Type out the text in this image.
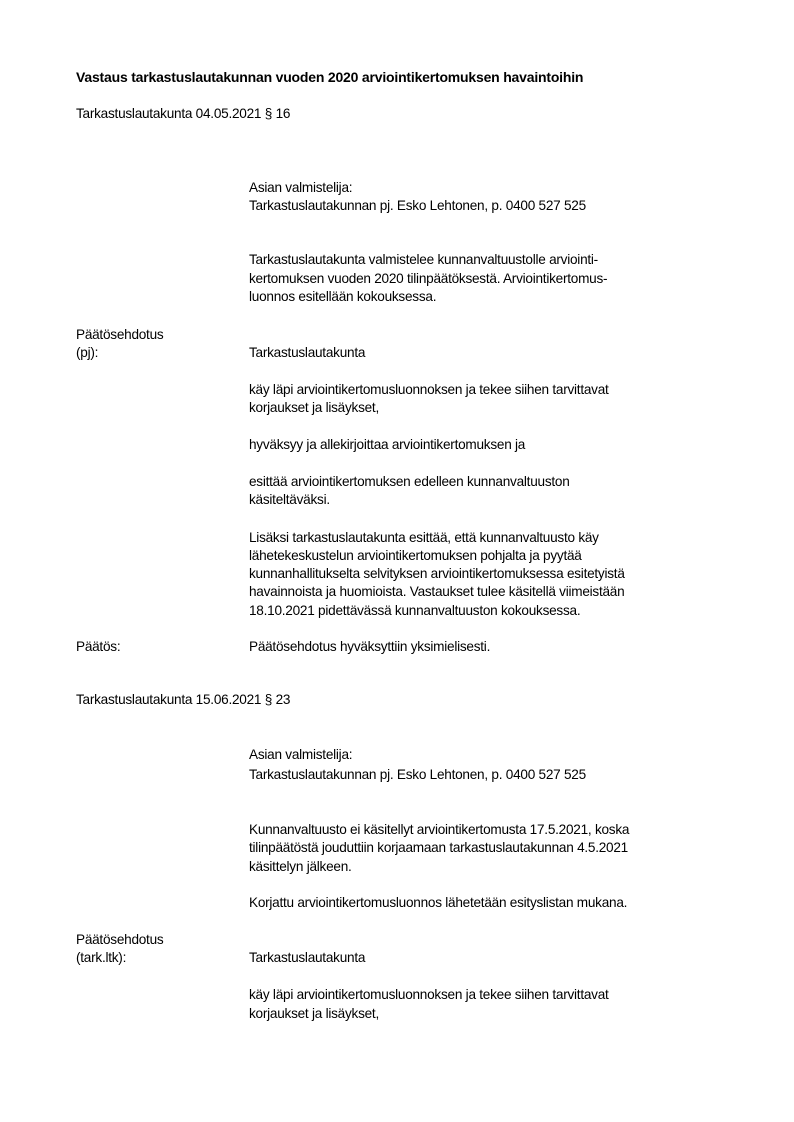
Vastaus tarkastuslautakunnan vuoden 2020 arviointikertomuksen havaintoihin
Tarkastuslautakunta 04.05.2021 § 16
Asian valmistelija:
Tarkastuslautakunnan pj. Esko Lehtonen, p. 0400 527 525
Tarkastuslautakunta valmistelee kunnanvaltuustolle arviointi-
kertomuksen vuoden 2020 tilinpäätöksestä. Arviointikertomus-
luonnos esitellään kokouksessa.
Päätösehdotus
(pj):	Tarkastuslautakunta
käy läpi arviointikertomusluonnoksen ja tekee siihen tarvittavat
korjaukset ja lisäykset,
hyväksyy ja allekirjoittaa arviointikertomuksen ja
esittää arviointikertomuksen edelleen kunnanvaltuuston
käsiteltäväksi.
Lisäksi tarkastuslautakunta esittää, että kunnanvaltuusto käy
lähetekeskustelun arviointikertomuksen pohjalta ja pyytää
kunnanhallitukselta selvityksen arviointikertomuksessa esitetyistä
havainnoista ja huomioista. Vastaukset tulee käsitellä viimeistään
18.10.2021 pidettävässä kunnanvaltuuston kokouksessa.
Päätös:	Päätösehdotus hyväksyttiin yksimielisesti.
Tarkastuslautakunta 15.06.2021 § 23
Asian valmistelija:
Tarkastuslautakunnan pj. Esko Lehtonen, p. 0400 527 525
Kunnanvaltuusto ei käsitellyt arviointikertomusta 17.5.2021, koska
tilinpäätöstä jouduttiin korjaamaan tarkastuslautakunnan 4.5.2021
käsittelyn jälkeen.
Korjattu arviointikertomusluonnos lähetetään esityslistan mukana.
Päätösehdotus
(tark.ltk):	Tarkastuslautakunta
käy läpi arviointikertomusluonnoksen ja tekee siihen tarvittavat
korjaukset ja lisäykset,
